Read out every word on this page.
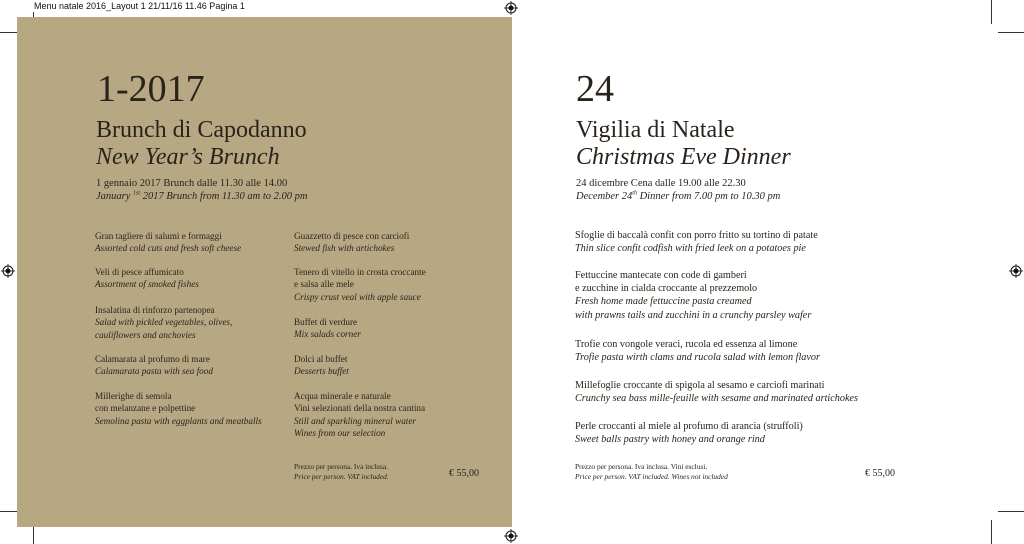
Menu natale 2016_Layout 1 21/11/16 11.46 Pagina 1
1-2017
Brunch di Capodanno
New Year’s Brunch
1 gennaio 2017 Brunch dalle 11.30 alle 14.00
January $^{1st}$ 2017 Brunch from 11.30 am to 2.00 pm
Gran tagliere di salumi e formaggi
Assorted cold cuts and fresh soft cheese
Veli di pesce affumicato
Assortment of smoked fishes
Insalatina di rinforzo partenopea
Salad with pickled vegetables, olives,
cauliflowers and anchovies
Calamarata al profumo di mare
Calamarata pasta with sea food
Millerighe di semola
con melanzane e polpettine
Semolina pasta with eggplants and meatballs
Guazzetto di pesce con carciofi
Stewed fish with artichokes
Tenero di vitello in crosta croccante
e salsa alle mele
Crispy crust veal with apple sauce
Buffet di verdure
Mix salads corner
Dolci al buffet
Desserts buffet
Acqua minerale e naturale
Vini selezionati della nostra cantina
Still and sparkling mineral water
Wines from our selection
Prezzo per persona. Iva inclusa.
Price per person. VAT included.	€ 55,00
24
Vigilia di Natale
Christmas Eve Dinner
24 dicembre Cena dalle 19.00 alle 22.30
December 24th Dinner from 7.00 pm to 10.30 pm
Sfoglie di baccalà confit con porro fritto su tortino di patate
Thin slice confit codfish with fried leek on a potatoes pie
Fettuccine mantecate con code di gamberi
e zucchine in cialda croccante al prezzemolo
Fresh home made fettuccine pasta creamed
with prawns tails and zucchini in a crunchy parsley wafer
Trofie con vongole veraci, rucola ed essenza al limone
Trofie pasta wirth clams and rucola salad with lemon flavor
Millefoglie croccante di spigola al sesamo e carciofi marinati
Crunchy sea bass mille-feuille with sesame and marinated artichokes
Perle croccanti al miele al profumo di arancia (struffoli)
Sweet balls pastry with honey and orange rind
Prezzo per persona. Iva inclusa. Vini esclusi.
Price per person. VAT included. Wines not included	€ 55,00
